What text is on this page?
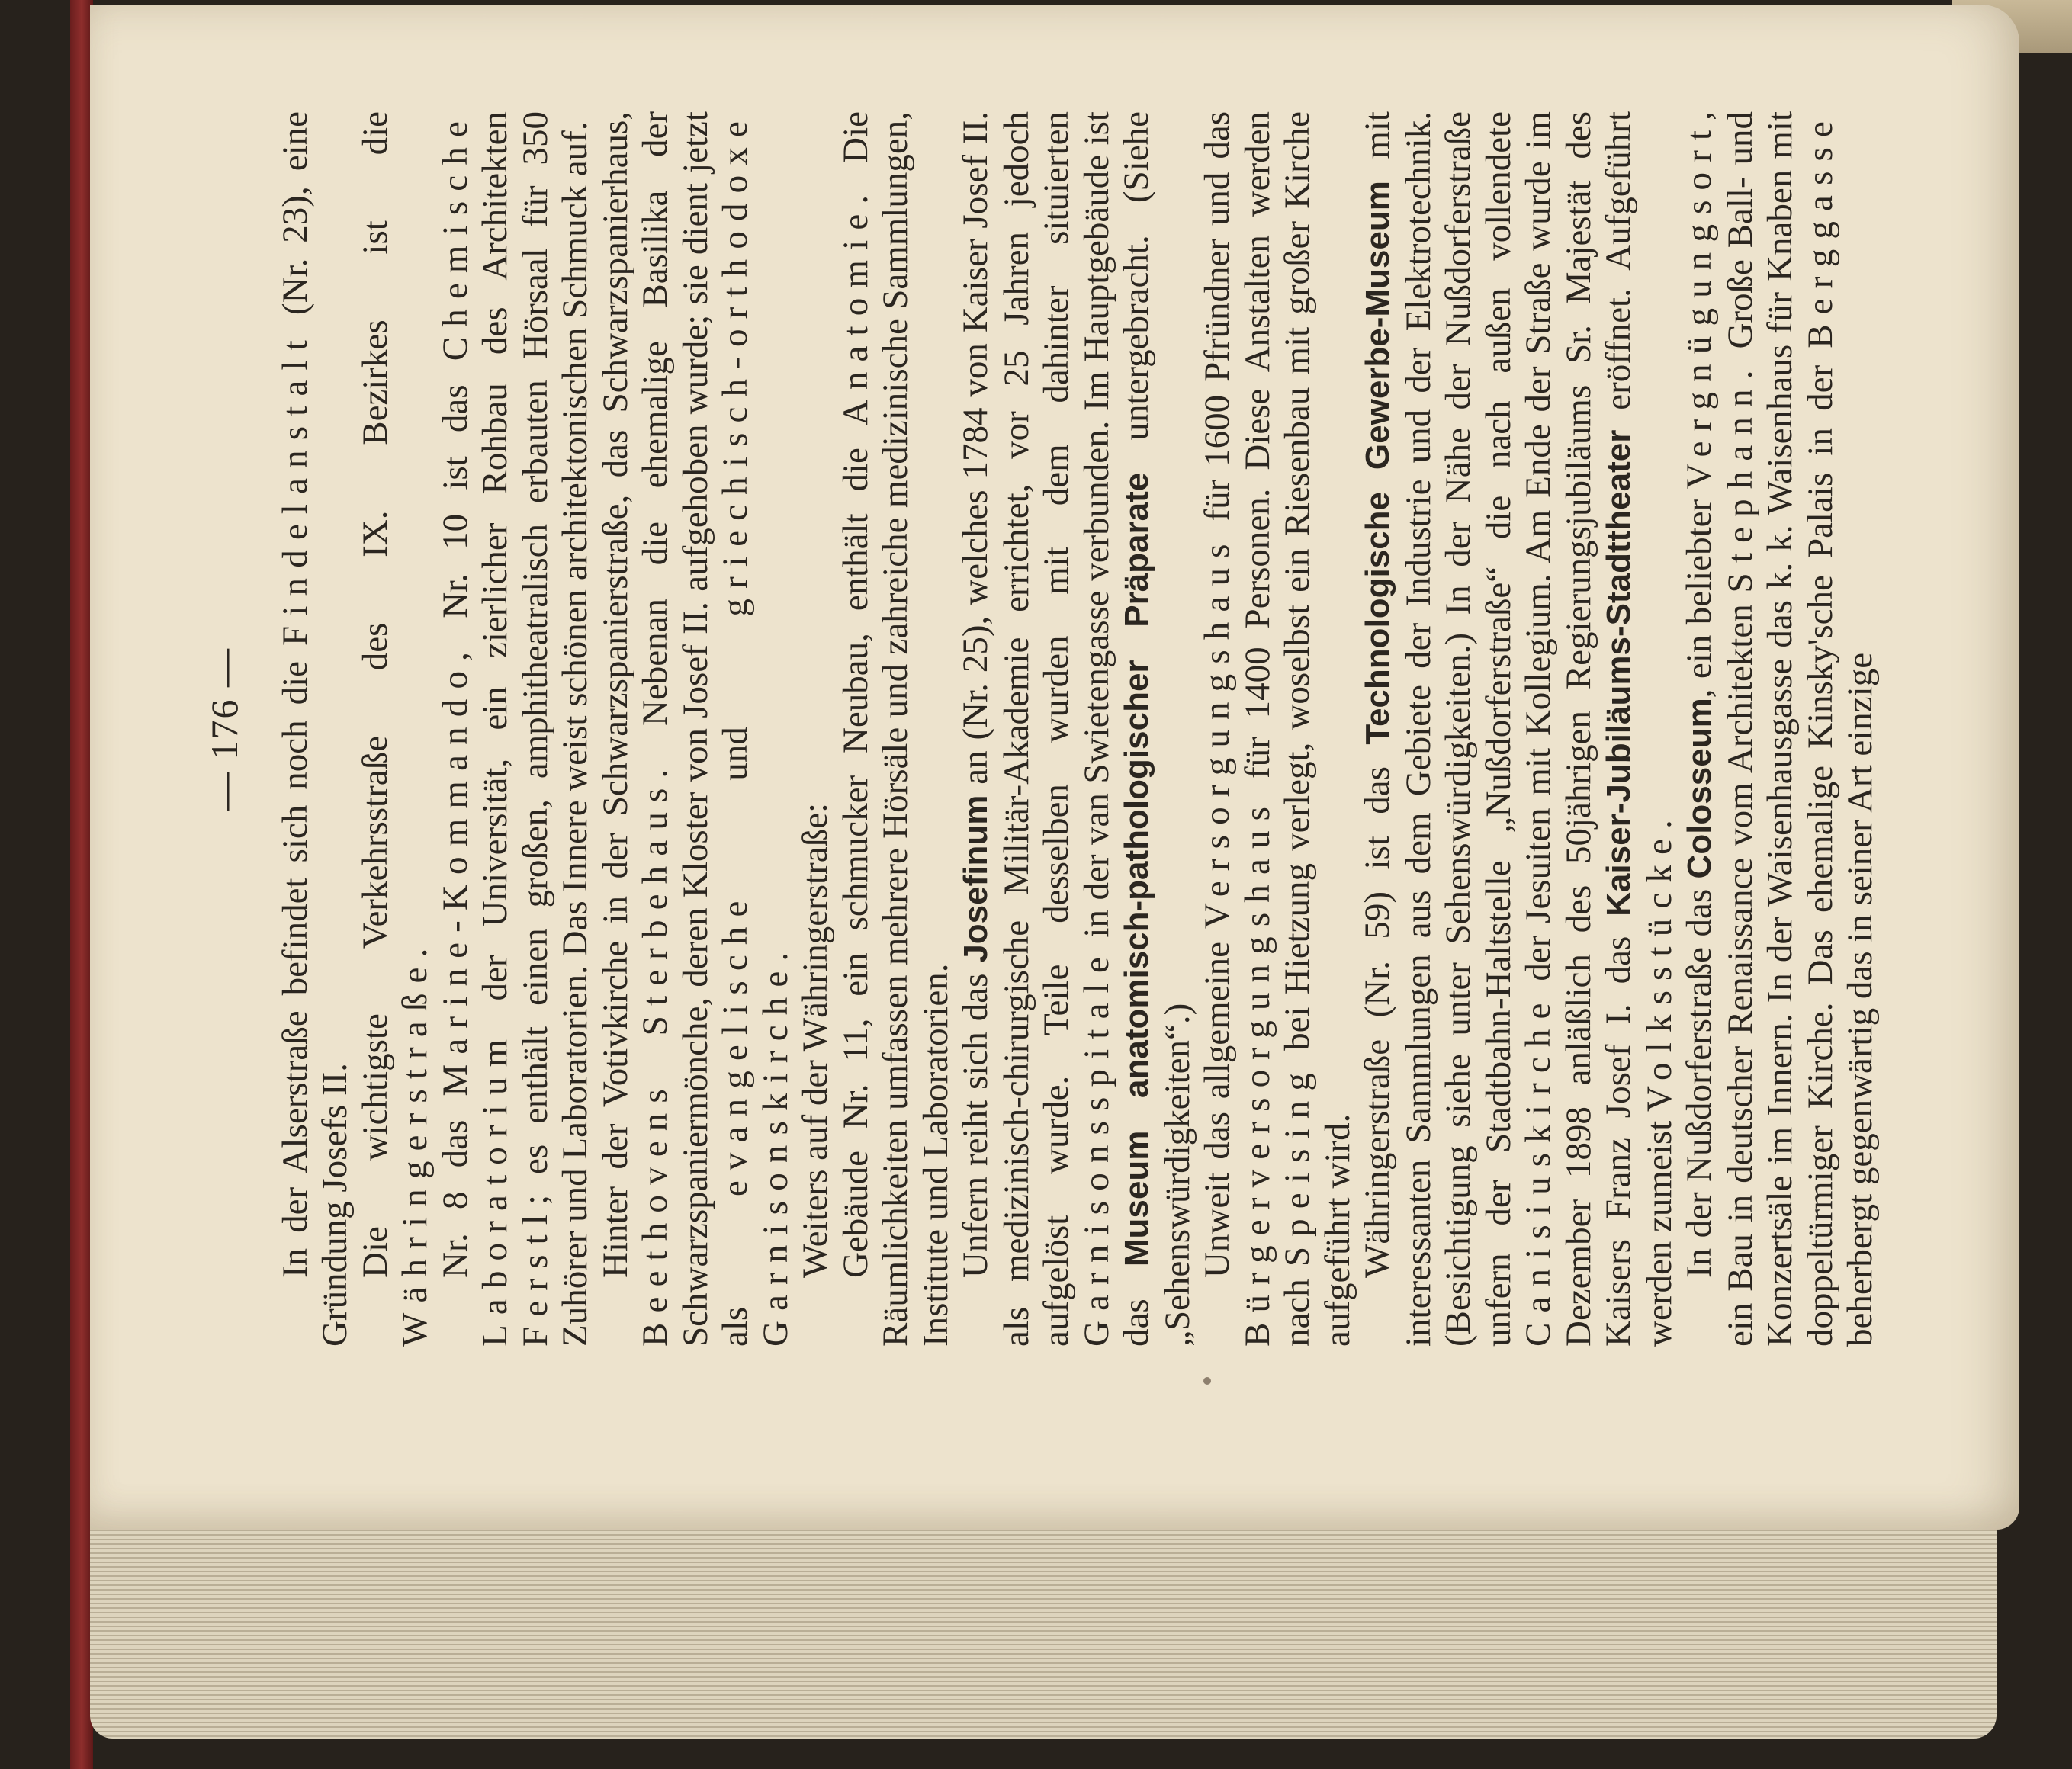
— 176 — In der Alserstraße befindet sich noch die Findelanstalt (Nr. 23), eine Gründung Josefs II. Die wichtigste Verkehrsstraße des IX. Bezirkes ist die Währingerstraße. Nr. 8 das Marine-Kommando, Nr. 10 ist das Chemische Laboratorium der Universität, ein zierlicher Rohbau des Architekten Ferstl; es enthält einen großen, amphitheatralisch erbauten Hörsaal für 350 Zuhörer und Laboratorien. Das Innere weist schönen architektonischen Schmuck auf. Hinter der Votivkirche in der Schwarzspanierstraße, das Schwarzspanierhaus, Beethovens Sterbehaus. Nebenan die ehemalige Basilika der Schwarzspaniermönche, deren Kloster von Josef II. aufgehoben wurde; sie dient jetzt als evangelische und griechisch-orthodoxe Garnisonskirche. Weiters auf der Währingerstraße: Gebäude Nr. 11, ein schmucker Neubau, enthält die Anatomie. Die Räumlichkeiten umfassen mehrere Hörsäle und zahreiche medizinische Sammlungen, Institute und Laboratorien. Unfern reiht sich das Josefinum an (Nr. 25), welches 1784 von Kaiser Josef II. als medizinisch-chirurgische Militär-Akademie errichtet, vor 25 Jahren jedoch aufgelöst wurde. Teile desselben wurden mit dem dahinter situierten Garnisonsspitale in der van Swietengasse verbunden. Im Hauptgebäude ist das Museum anatomisch-pathologischer Präparate untergebracht. (Siehe „Sehenswürdigkeiten“.) Unweit das allgemeine Versorgungshaus für 1600 Pfründner und das Bürgerversorgungshaus für 1400 Personen. Diese Anstalten werden nach Speising bei Hietzung verlegt, woselbst ein Riesenbau mit großer Kirche aufgeführt wird. Währingerstraße (Nr. 59) ist das Technologische Gewerbe-Museum mit interessanten Sammlungen aus dem Gebiete der Industrie und der Elektrotechnik. (Besichtigung siehe unter Sehenswürdigkeiten.) In der Nähe der Nußdorferstraße unfern der Stadtbahn-Haltstelle „Nußdorferstraße“ die nach außen vollendete Canisiuskirche der Jesuiten mit Kollegium. Am Ende der Straße wurde im Dezember 1898 anläßlich des 50jährigen Regierungsjubiläums Sr. Majestät des Kaisers Franz Josef I. das Kaiser-Jubiläums-Stadttheater eröffnet. Aufgeführt werden zumeist Volksstücke. In der Nußdorferstraße das Colosseum, ein beliebter Vergnügungsort, ein Bau in deutscher Renaissance vom Architekten Stephann. Große Ball- und Konzertsäle im Innern. In der Waisenhausgasse das k. k. Waisenhaus für Knaben mit doppeltürmiger Kirche. Das ehemalige Kinsky'sche Palais in der Berggasse beherbergt gegenwärtig das in seiner Art einzige
